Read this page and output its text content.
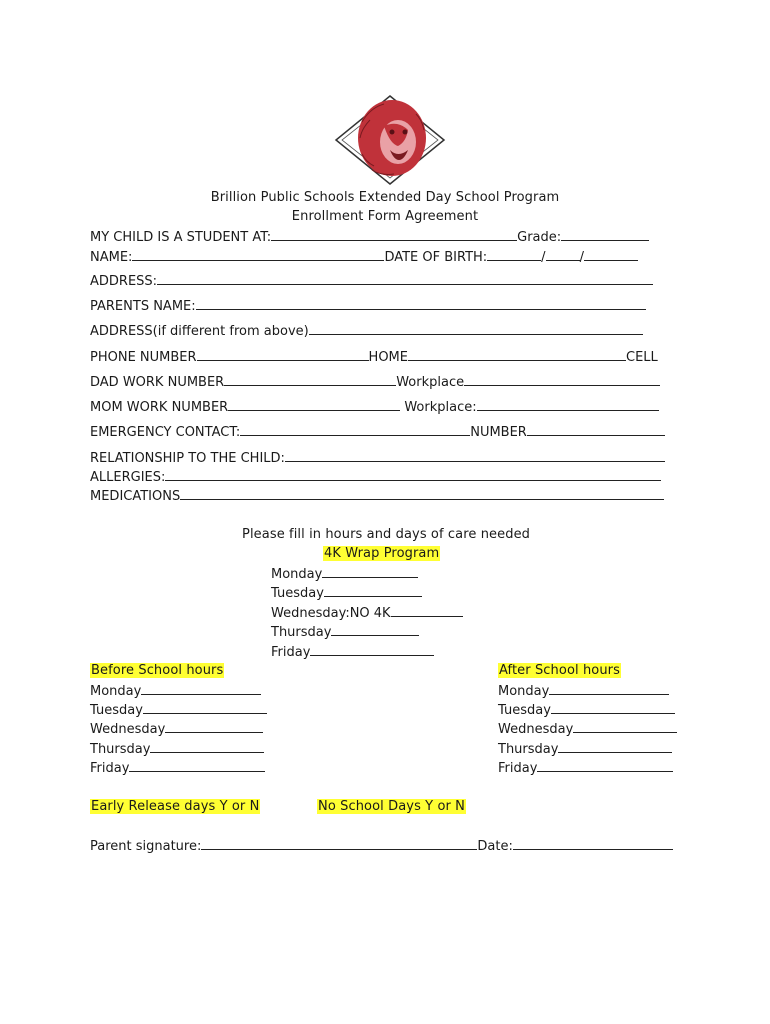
Brillion Public Schools Extended Day School Program
Enrollment Form Agreement
MY CHILD IS A STUDENT AT:	Grade:
NAME:	DATE OF BIRTH:	/	/
ADDRESS:
PARENTS NAME:
ADDRESS(if different from above)
PHONE NUMBER	HOME	CELL
DAD WORK NUMBER	Workplace
MOM WORK NUMBER	Workplace:
EMERGENCY CONTACT:	NUMBER
RELATIONSHIP TO THE CHILD:
ALLERGIES:
MEDICATIONS
Please fill in hours and days of care needed
4K Wrap Program
Monday
Tuesday
Wednesday:NO 4K
Thursday
Friday
Before School hours
Monday
Tuesday
Wednesday
Thursday
Friday
After School hours
Monday
Tuesday
Wednesday
Thursday
Friday
Early Release days Y or N	No School Days Y or N
Parent signature:	Date:
